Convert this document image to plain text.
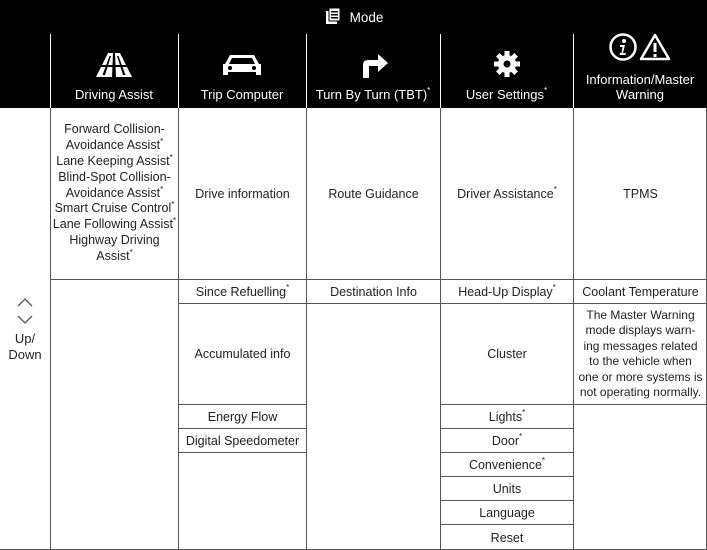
Mode
Driving Assist	Trip Computer Turn By Turn (TBT)*	User Settings*
Information/Master
Warning
Up/
Down
Forward Collision-
Avoidance Assist*
Lane Keeping Assist*
Blind-Spot Collision-
Avoidance Assist*
Smart Cruise Control*
Lane Following Assist*
Highway Driving
Assist*
Drive information
Since Refuelling*
Accumulated info
Energy Flow
Digital Speedometer
Route Guidance
Destination Info
Driver Assistance*
Head-Up Display*
Cluster
Lights*
Door*
Convenience*
Units
Language
Reset
TPMS
Coolant Temperature
The Master Warning
mode displays warn-
ing messages related
to the vehicle when
one or more systems is
not operating normally.
